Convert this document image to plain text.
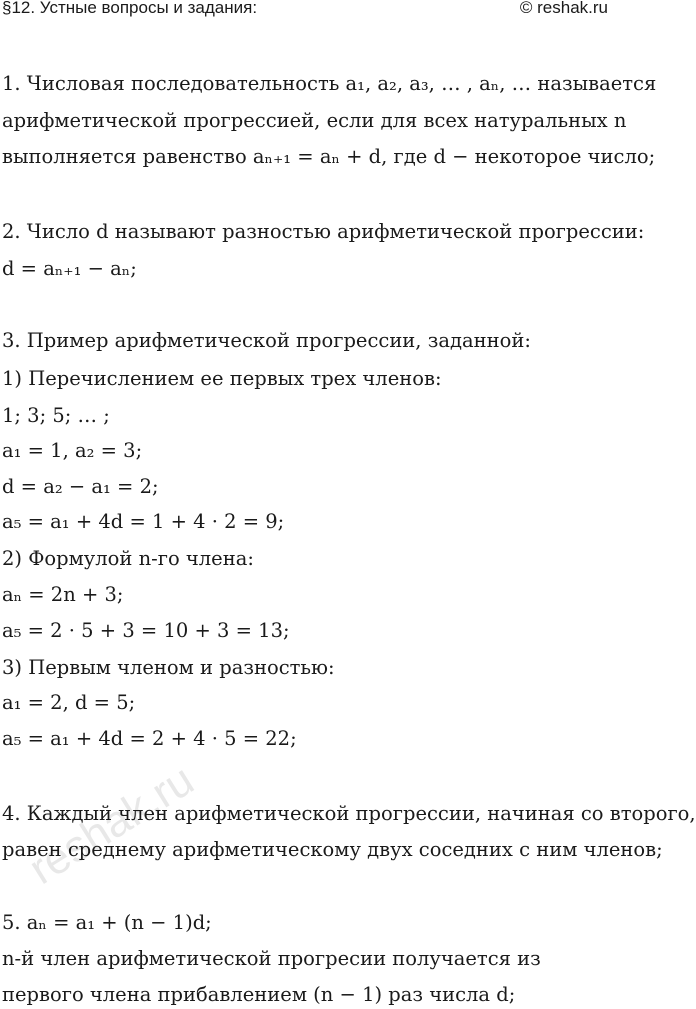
§12. Устные вопросы и задания:	© reshak.ru
reshak.ru
1. Числовая последовательность a₁, a₂, a₃, … , aₙ, … называется
арифметической прогрессией, если для всех натуральных n
выполняется равенство aₙ₊₁ = aₙ + d, где d − некоторое число;
2. Число d называют разностью арифметической прогрессии:
d = aₙ₊₁ − aₙ;
3. Пример арифметической прогрессии, заданной:
1) Перечислением ее первых трех членов:
1; 3; 5; … ;
a₁ = 1, a₂ = 3;
d = a₂ − a₁ = 2;
a₅ = a₁ + 4d = 1 + 4 · 2 = 9;
2) Формулой n-го члена:
aₙ = 2n + 3;
a₅ = 2 · 5 + 3 = 10 + 3 = 13;
3) Первым членом и разностью:
a₁ = 2, d = 5;
a₅ = a₁ + 4d = 2 + 4 · 5 = 22;
4. Каждый член арифметической прогрессии, начиная со второго,
равен среднему арифметическому двух соседних с ним членов;
5. aₙ = a₁ + (n − 1)d;
n-й член арифметической прогресии получается из
первого члена прибавлением (n − 1) раз числа d;
